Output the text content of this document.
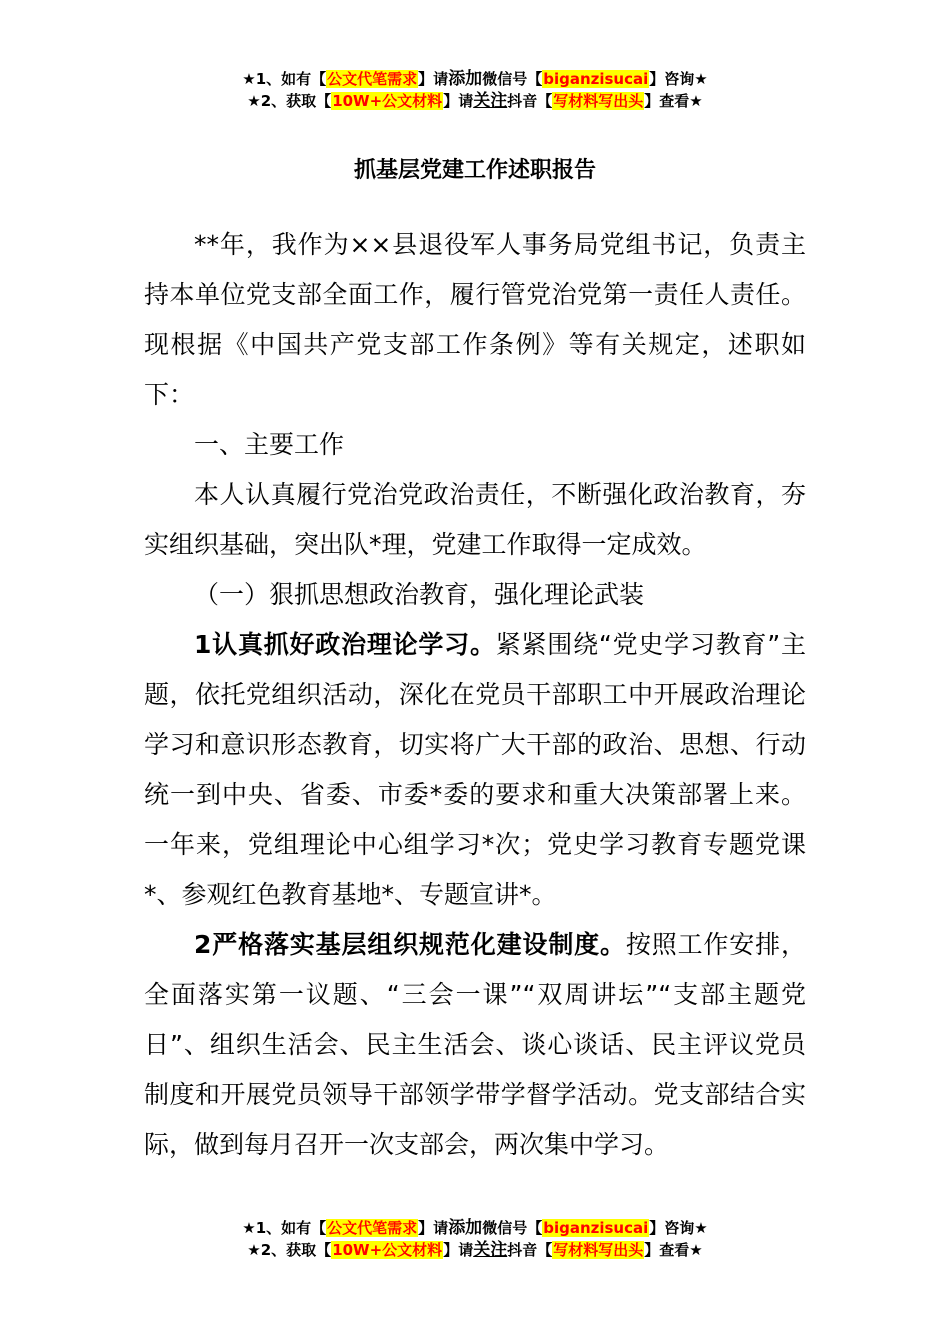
★1、如有【公文代笔需求】请添加微信号【biganzisucai】咨询★
★2、获取【10W+公文材料】请关注抖音【写材料写出头】查看★
抓基层党建工作述职报告

**年，我作为××县退役军人事务局党组书记，负责主持本单位党支部全面工作，履行管党治党第一责任人责任。现根据《中国共产党支部工作条例》等有关规定，述职如下：

一、主要工作

本人认真履行党治党政治责任，不断强化政治教育，夯实组织基础，突出队*理，党建工作取得一定成效。

（一）狠抓思想政治教育，强化理论武装

1认真抓好政治理论学习。紧紧围绕“党史学习教育”主题，依托党组织活动，深化在党员干部职工中开展政治理论学习和意识形态教育，切实将广大干部的政治、思想、行动统一到中央、省委、市委*委的要求和重大决策部署上来。一年来，党组理论中心组学习*次；党史学习教育专题党课*、参观红色教育基地*、专题宣讲*。

2严格落实基层组织规范化建设制度。按照工作安排，全面落实第一议题、“三会一课”“双周讲坛”“支部主题党日”、组织生活会、民主生活会、谈心谈话、民主评议党员制度和开展党员领导干部领学带学督学活动。党支部结合实际，做到每月召开一次支部会，两次集中学习。

★1、如有【公文代笔需求】请添加微信号【biganzisucai】咨询★
★2、获取【10W+公文材料】请关注抖音【写材料写出头】查看★
